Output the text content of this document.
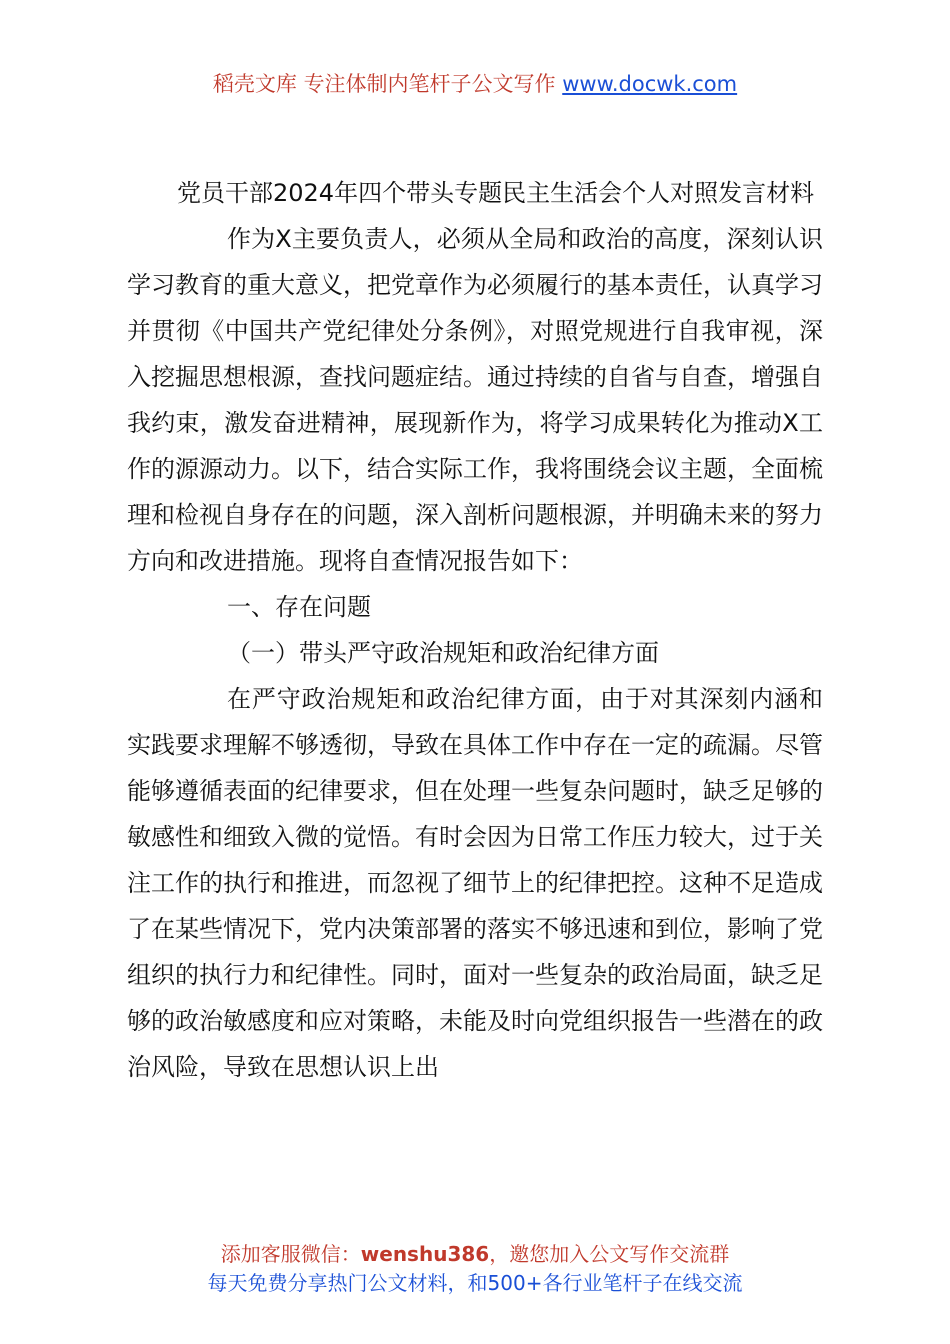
稻壳文库 专注体制内笔杆子公文写作 www.docwk.com

党员干部2024年四个带头专题民主生活会个人对照发言材料

作为X主要负责人，必须从全局和政治的高度，深刻认识学习教育的重大意义，把党章作为必须履行的基本责任，认真学习并贯彻《中国共产党纪律处分条例》，对照党规进行自我审视，深入挖掘思想根源，查找问题症结。通过持续的自省与自查，增强自我约束，激发奋进精神，展现新作为，将学习成果转化为推动X工作的源源动力。以下，结合实际工作，我将围绕会议主题，全面梳理和检视自身存在的问题，深入剖析问题根源，并明确未来的努力方向和改进措施。现将自查情况报告如下：

一、存在问题

（一）带头严守政治规矩和政治纪律方面

在严守政治规矩和政治纪律方面，由于对其深刻内涵和实践要求理解不够透彻，导致在具体工作中存在一定的疏漏。尽管能够遵循表面的纪律要求，但在处理一些复杂问题时，缺乏足够的敏感性和细致入微的觉悟。有时会因为日常工作压力较大，过于关注工作的执行和推进，而忽视了细节上的纪律把控。这种不足造成了在某些情况下，党内决策部署的落实不够迅速和到位，影响了党组织的执行力和纪律性。同时，面对一些复杂的政治局面，缺乏足够的政治敏感度和应对策略，未能及时向党组织报告一些潜在的政治风险，导致在思想认识上出

添加客服微信：wenshu386，邀您加入公文写作交流群
每天免费分享热门公文材料，和500+各行业笔杆子在线交流
